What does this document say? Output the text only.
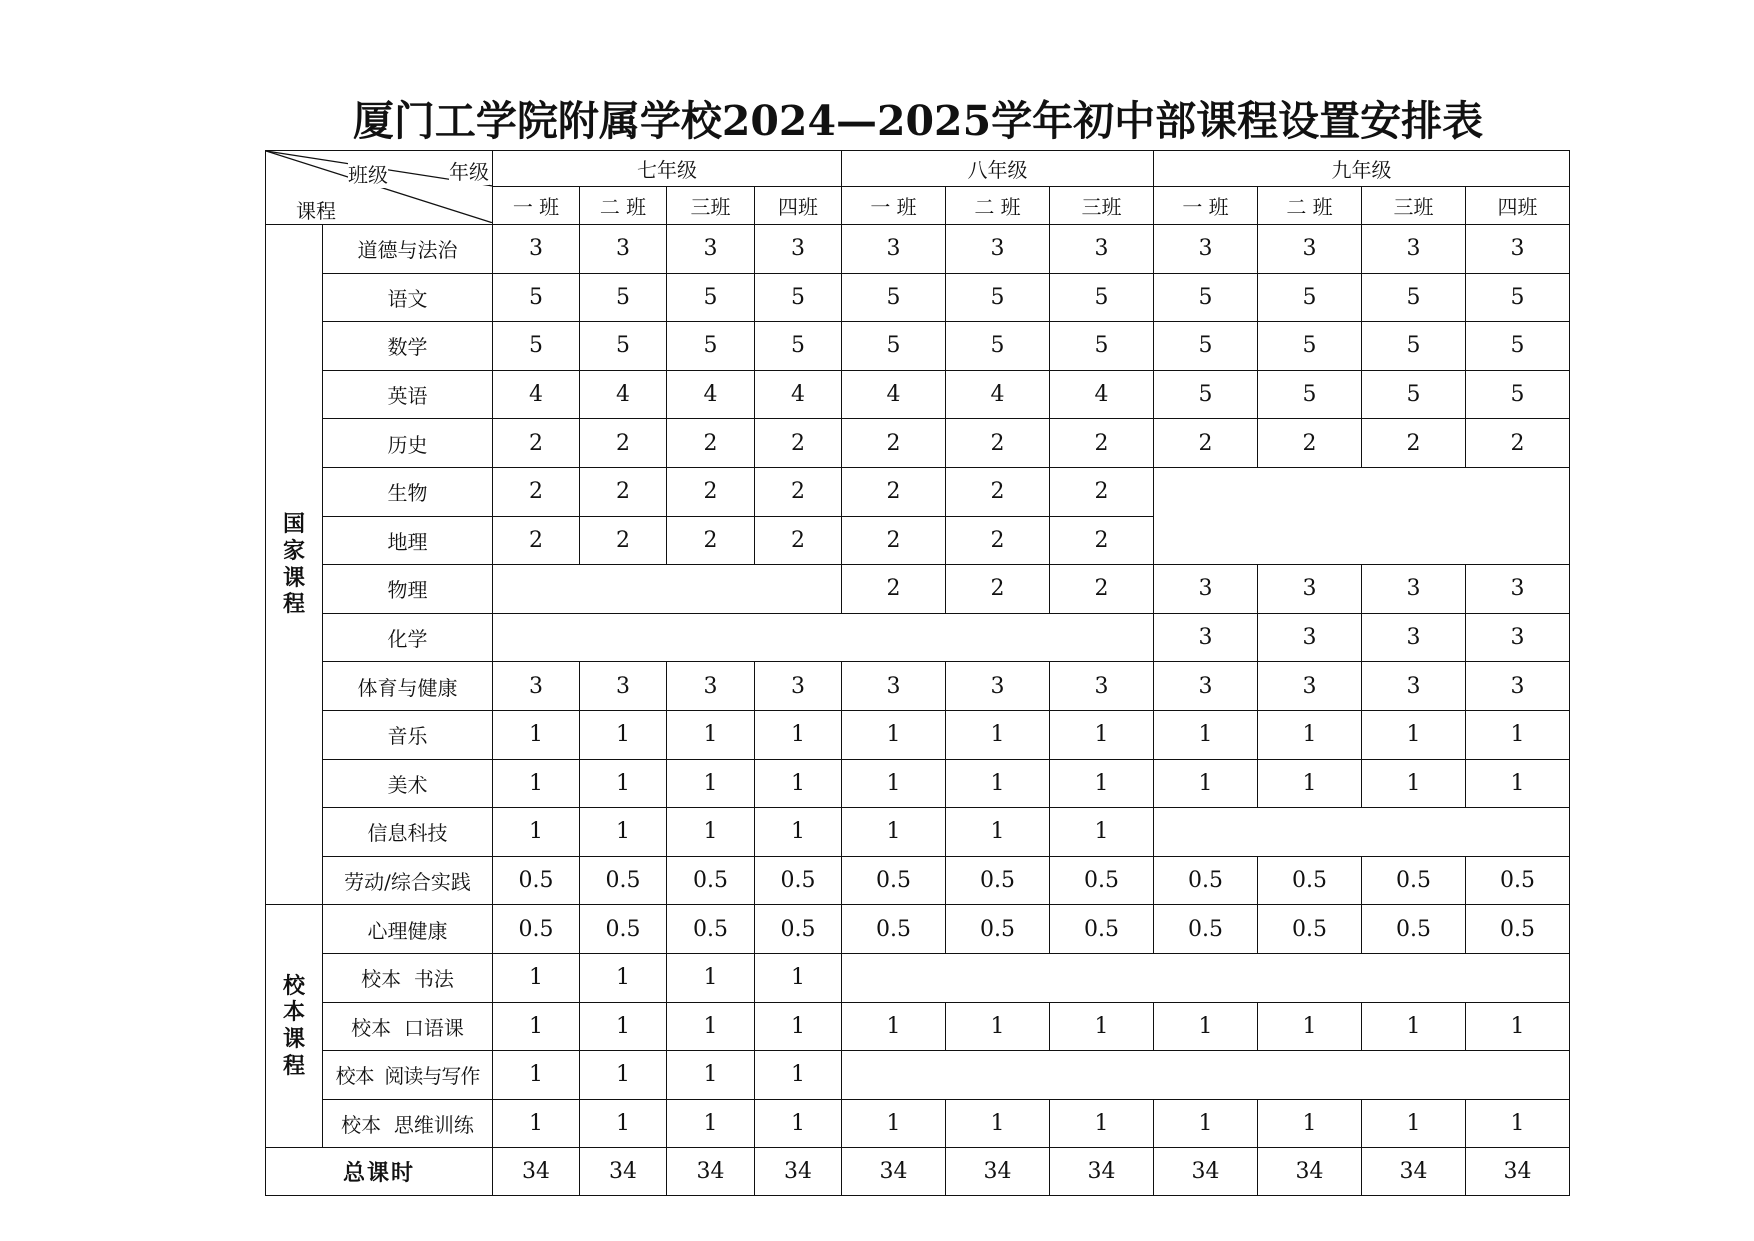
厦门工学院附属学校2024—2025学年初中部课程设置安排表
班级 年级
课程		七年级				八年级			九年级			
		一 班	二 班	三班	四班	一 班	二 班	三班	一 班	二 班	三班	四班
国家课程	道德与法治	3	3	3	3	3	3	3	3	3	3	3
	语文	5	5	5	5	5	5	5	5	5	5	5
	数学	5	5	5	5	5	5	5	5	5	5	5
	英语	4	4	4	4	4	4	4	5	5	5	5
	历史	2	2	2	2	2	2	2	2	2	2	2
	生物	2	2	2	2	2	2	2				
	地理	2	2	2	2	2	2	2				
	物理					2	2	2	3	3	3	3
	化学								3	3	3	3
	体育与健康	3	3	3	3	3	3	3	3	3	3	3
	音乐	1	1	1	1	1	1	1	1	1	1	1
	美术	1	1	1	1	1	1	1	1	1	1	1
	信息科技	1	1	1	1	1	1	1				
	劳动/综合实践	0.5	0.5	0.5	0.5	0.5	0.5	0.5	0.5	0.5	0.5	0.5
校本课程	心理健康	0.5	0.5	0.5	0.5	0.5	0.5	0.5	0.5	0.5	0.5	0.5
	校本  书法	1	1	1	1							
	校本  口语课	1	1	1	1	1	1	1	1	1	1	1
	校本  阅读与写作	1	1	1	1							
	校本  思维训练	1	1	1	1	1	1	1	1	1	1	1
总课时		34	34	34	34	34	34	34	34	34	34	34
